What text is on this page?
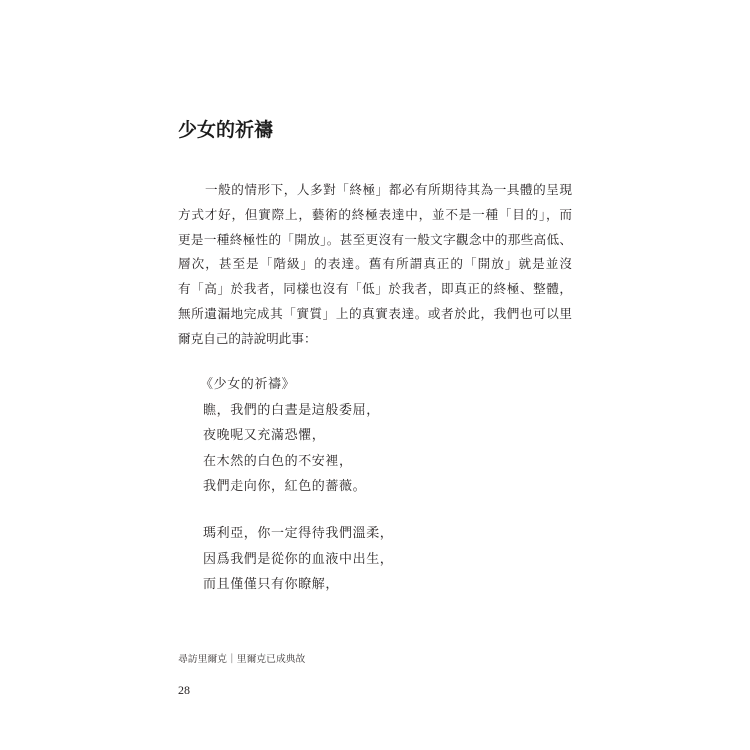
少女的祈禱
一般的情形下，人多對「終極」都必有所期待其為一具體的呈現
方式才好，但實際上，藝術的終極表達中，並不是一種「目的」，而
更是一種終極性的「開放」。甚至更沒有一般文字觀念中的那些高低、
層次，甚至是「階級」的表達。舊有所謂真正的「開放」就是並沒
有「高」於我者，同樣也沒有「低」於我者，即真正的終極、整體，
無所遺漏地完成其「實質」上的真實表達。或者於此，我們也可以里
爾克自己的詩說明此事：
《少女的祈禱》
瞧，我們的白晝是這般委屈，
夜晚呢又充滿恐懼，
在木然的白色的不安裡，
我們走向你，紅色的薔薇。
瑪利亞，你一定得待我們溫柔，
因爲我們是從你的血液中出生，
而且僅僅只有你瞭解，
尋訪里爾克｜里爾克已成典故
28
